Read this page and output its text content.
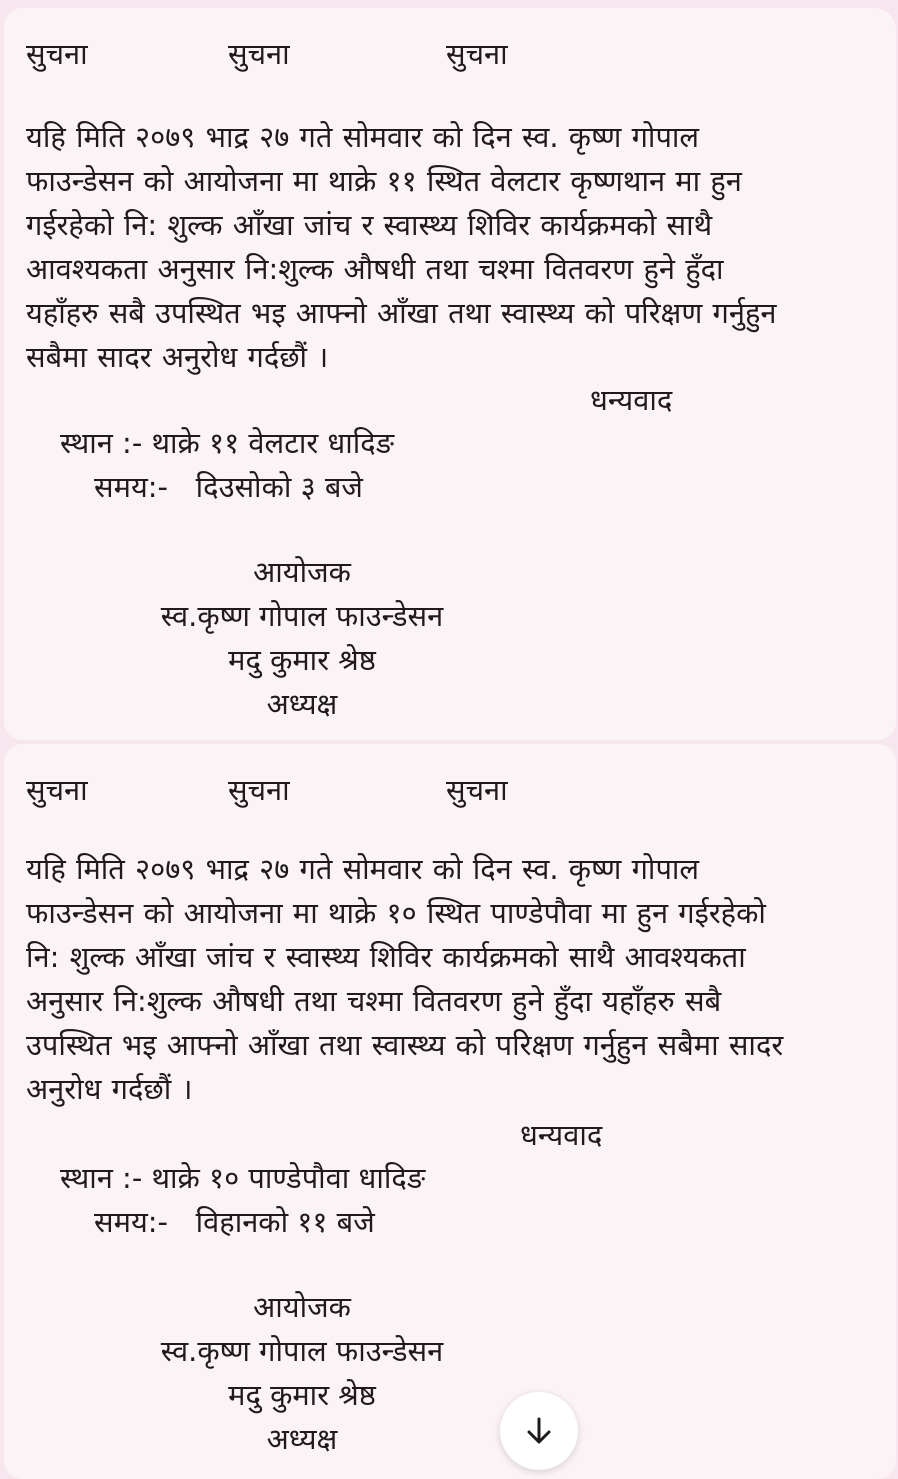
सुचना	सुचना	सुचना
यहि मिति २०७९ भाद्र २७ गते सोमवार को दिन स्व. कृष्ण गोपाल
फाउन्डेसन को आयोजना मा थाक्रे ११ स्थित वेलटार कृष्णथान मा हुन
गईरहेको नि: शुल्क आँखा जांच र स्वास्थ्य शिविर कार्यक्रमको साथै
आवश्यकता अनुसार नि:शुल्क औषधी तथा चश्मा वितवरण हुने हुँदा
यहाँहरु सबै उपस्थित भइ आफ्नो आँखा तथा स्वास्थ्य को परिक्षण गर्नुहुन
सबैमा सादर अनुरोध गर्दछौं ।
धन्यवाद
स्थान :- थाक्रे ११ वेलटार धादिङ
समय:-   दिउसोको ३ बजे
आयोजक
स्व.कृष्ण गोपाल फाउन्डेसन
मदु कुमार श्रेष्ठ
अध्यक्ष
सुचना	सुचना	सुचना
यहि मिति २०७९ भाद्र २७ गते सोमवार को दिन स्व. कृष्ण गोपाल
फाउन्डेसन को आयोजना मा थाक्रे १० स्थित पाण्डेपौवा मा हुन गईरहेको
नि: शुल्क आँखा जांच र स्वास्थ्य शिविर कार्यक्रमको साथै आवश्यकता
अनुसार नि:शुल्क औषधी तथा चश्मा वितवरण हुने हुँदा यहाँहरु सबै
उपस्थित भइ आफ्नो आँखा तथा स्वास्थ्य को परिक्षण गर्नुहुन सबैमा सादर
अनुरोध गर्दछौं ।
धन्यवाद
स्थान :- थाक्रे १० पाण्डेपौवा धादिङ
समय:-   विहानको ११ बजे
आयोजक
स्व.कृष्ण गोपाल फाउन्डेसन
मदु कुमार श्रेष्ठ
अध्यक्ष
